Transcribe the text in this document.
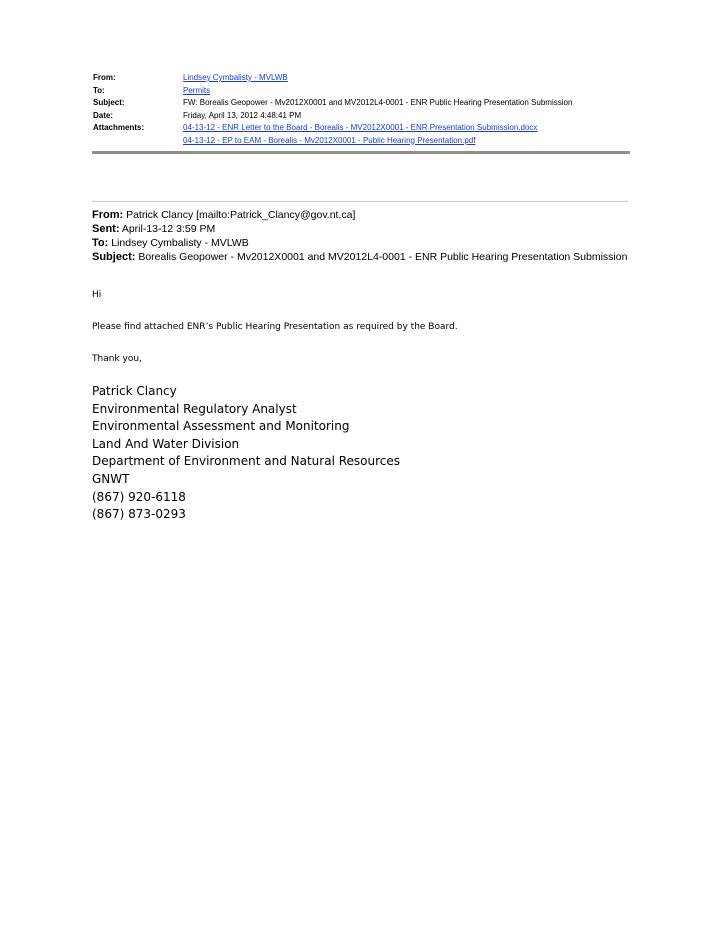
From:	Lindsey Cymbalisty - MVLWB
To:	Permits
Subject:	FW: Borealis Geopower - Mv2012X0001 and MV2012L4-0001 - ENR Public Hearing Presentation Submission
Date:	Friday, April 13, 2012 4:48:41 PM
Attachments:	04-13-12 - ENR Letter to the Board - Borealis - MV2012X0001 - ENR Presentation Submission.docx
04-13-12 - EP to EAM - Borealis - Mv2012X0001 - Public Hearing Presentation.pdf
From: Patrick Clancy [mailto:Patrick_Clancy@gov.nt.ca]
Sent: April-13-12 3:59 PM
To: Lindsey Cymbalisty - MVLWB
Subject: Borealis Geopower - Mv2012X0001 and MV2012L4-0001 - ENR Public Hearing Presentation Submission
Hi
Please find attached ENR’s Public Hearing Presentation as required by the Board.
Thank you,
Patrick Clancy
Environmental Regulatory Analyst
Environmental Assessment and Monitoring
Land And Water Division
Department of Environment and Natural Resources
GNWT
(867) 920-6118
(867) 873-0293
